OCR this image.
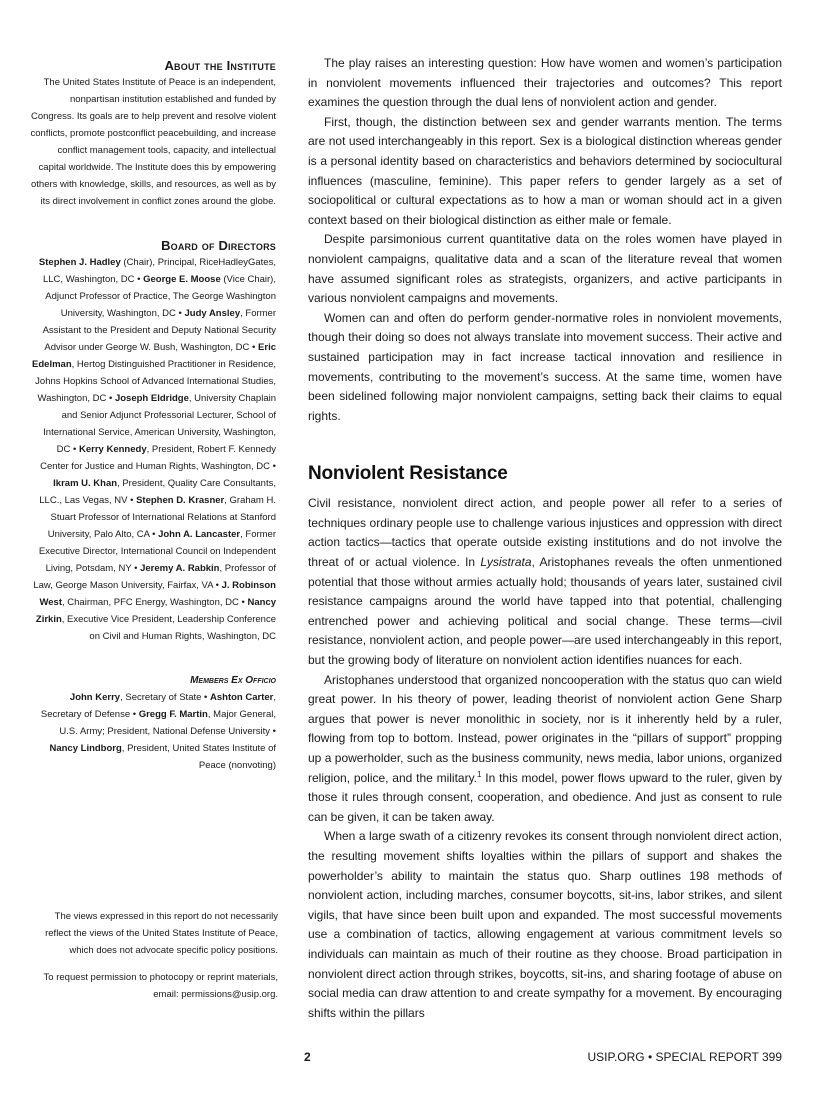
About the Institute

The United States Institute of Peace is an independent, nonpartisan institution established and funded by Congress. Its goals are to help prevent and resolve violent conflicts, promote postconflict peacebuilding, and increase conflict management tools, capacity, and intellectual capital worldwide. The Institute does this by empowering others with knowledge, skills, and resources, as well as by its direct involvement in conflict zones around the globe.

Board of Directors

Stephen J. Hadley (Chair), Principal, RiceHadleyGates, LLC, Washington, DC • George E. Moose (Vice Chair), Adjunct Professor of Practice, The George Washington University, Washington, DC • Judy Ansley, Former Assistant to the President and Deputy National Security Advisor under George W. Bush, Washington, DC • Eric Edelman, Hertog Distinguished Practitioner in Residence, Johns Hopkins School of Advanced International Studies, Washington, DC • Joseph Eldridge, University Chaplain and Senior Adjunct Professorial Lecturer, School of International Service, American University, Washington, DC • Kerry Kennedy, President, Robert F. Kennedy Center for Justice and Human Rights, Washington, DC • Ikram U. Khan, President, Quality Care Consultants, LLC., Las Vegas, NV • Stephen D. Krasner, Graham H. Stuart Professor of International Relations at Stanford University, Palo Alto, CA • John A. Lancaster, Former Executive Director, International Council on Independent Living, Potsdam, NY • Jeremy A. Rabkin, Professor of Law, George Mason University, Fairfax, VA • J. Robinson West, Chairman, PFC Energy, Washington, DC • Nancy Zirkin, Executive Vice President, Leadership Conference on Civil and Human Rights, Washington, DC

Members Ex Officio

John Kerry, Secretary of State • Ashton Carter, Secretary of Defense • Gregg F. Martin, Major General, U.S. Army; President, National Defense University • Nancy Lindborg, President, United States Institute of Peace (nonvoting)

The views expressed in this report do not necessarily reflect the views of the United States Institute of Peace, which does not advocate specific policy positions.

To request permission to photocopy or reprint materials, email: permissions@usip.org.

The play raises an interesting question: How have women and women’s participation in nonviolent movements influenced their trajectories and outcomes? This report examines the question through the dual lens of nonviolent action and gender.

First, though, the distinction between sex and gender warrants mention. The terms are not used interchangeably in this report. Sex is a biological distinction whereas gender is a personal identity based on characteristics and behaviors determined by sociocultural influences (masculine, feminine). This paper refers to gender largely as a set of sociopolitical or cultural expectations as to how a man or woman should act in a given context based on their biological distinction as either male or female.

Despite parsimonious current quantitative data on the roles women have played in nonviolent campaigns, qualitative data and a scan of the literature reveal that women have assumed significant roles as strategists, organizers, and active participants in various nonviolent campaigns and movements.

Women can and often do perform gender-normative roles in nonviolent movements, though their doing so does not always translate into movement success. Their active and sustained participation may in fact increase tactical innovation and resilience in movements, contributing to the movement’s success. At the same time, women have been sidelined following major nonviolent campaigns, setting back their claims to equal rights.

Nonviolent Resistance

Civil resistance, nonviolent direct action, and people power all refer to a series of techniques ordinary people use to challenge various injustices and oppression with direct action tactics—tactics that operate outside existing institutions and do not involve the threat of or actual violence. In Lysistrata, Aristophanes reveals the often unmentioned potential that those without armies actually hold; thousands of years later, sustained civil resistance campaigns around the world have tapped into that potential, challenging entrenched power and achieving political and social change. These terms—civil resistance, nonviolent action, and people power—are used interchangeably in this report, but the growing body of literature on nonviolent action identifies nuances for each.

Aristophanes understood that organized noncooperation with the status quo can wield great power. In his theory of power, leading theorist of nonviolent action Gene Sharp argues that power is never monolithic in society, nor is it inherently held by a ruler, flowing from top to bottom. Instead, power originates in the “pillars of support” propping up a powerholder, such as the business community, news media, labor unions, organized religion, police, and the military.$^1$ In this model, power flows upward to the ruler, given by those it rules through consent, cooperation, and obedience. And just as consent to rule can be given, it can be taken away.

When a large swath of a citizenry revokes its consent through nonviolent direct action, the resulting movement shifts loyalties within the pillars of support and shakes the powerholder’s ability to maintain the status quo. Sharp outlines 198 methods of nonviolent action, including marches, consumer boycotts, sit-ins, labor strikes, and silent vigils, that have since been built upon and expanded. The most successful movements use a combination of tactics, allowing engagement at various commitment levels so individuals can maintain as much of their routine as they choose. Broad participation in nonviolent direct action through strikes, boycotts, sit-ins, and sharing footage of abuse on social media can draw attention to and create sympathy for a movement. By encouraging shifts within the pillars

2	USIP.ORG • SPECIAL REPORT 399
